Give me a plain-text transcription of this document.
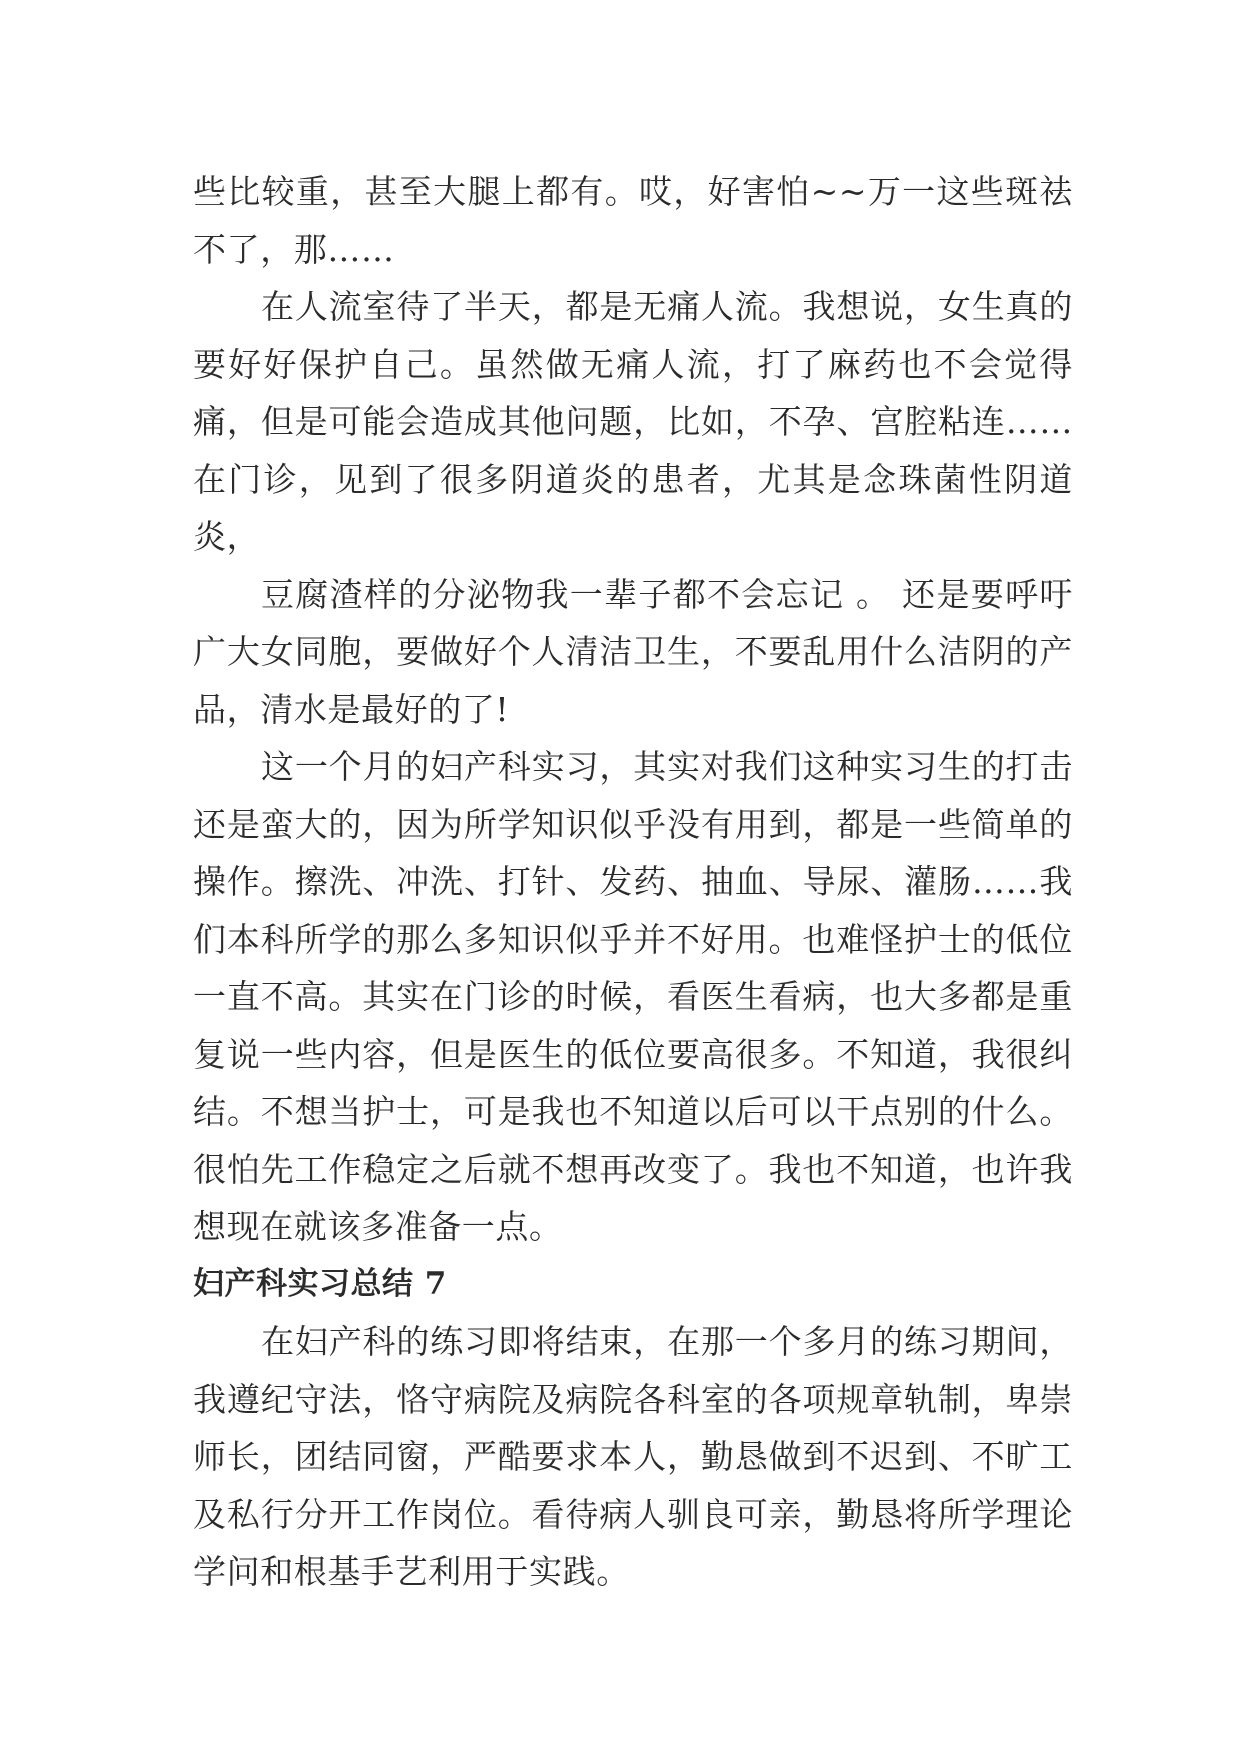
些比较重，甚至大腿上都有。哎，好害怕~~万一这些斑祛不了，那……

在人流室待了半天，都是无痛人流。我想说，女生真的要好好保护自己。虽然做无痛人流，打了麻药也不会觉得痛，但是可能会造成其他问题，比如，不孕、宫腔粘连……在门诊，见到了很多阴道炎的患者，尤其是念珠菌性阴道炎，

豆腐渣样的分泌物我一辈子都不会忘记 。 还是要呼吁广大女同胞，要做好个人清洁卫生，不要乱用什么洁阴的产品，清水是最好的了!

这一个月的妇产科实习，其实对我们这种实习生的打击还是蛮大的，因为所学知识似乎没有用到，都是一些简单的操作。擦洗、冲洗、打针、发药、抽血、导尿、灌肠……我们本科所学的那么多知识似乎并不好用。也难怪护士的低位一直不高。其实在门诊的时候，看医生看病，也大多都是重复说一些内容，但是医生的低位要高很多。不知道，我很纠结。不想当护士，可是我也不知道以后可以干点别的什么。很怕先工作稳定之后就不想再改变了。我也不知道，也许我想现在就该多准备一点。

妇产科实习总结 7

在妇产科的练习即将结束，在那一个多月的练习期间，我遵纪守法，恪守病院及病院各科室的各项规章轨制，卑崇师长，团结同窗，严酷要求本人，勤恳做到不迟到、不旷工及私行分开工作岗位。看待病人驯良可亲，勤恳将所学理论学问和根基手艺利用于实践。
